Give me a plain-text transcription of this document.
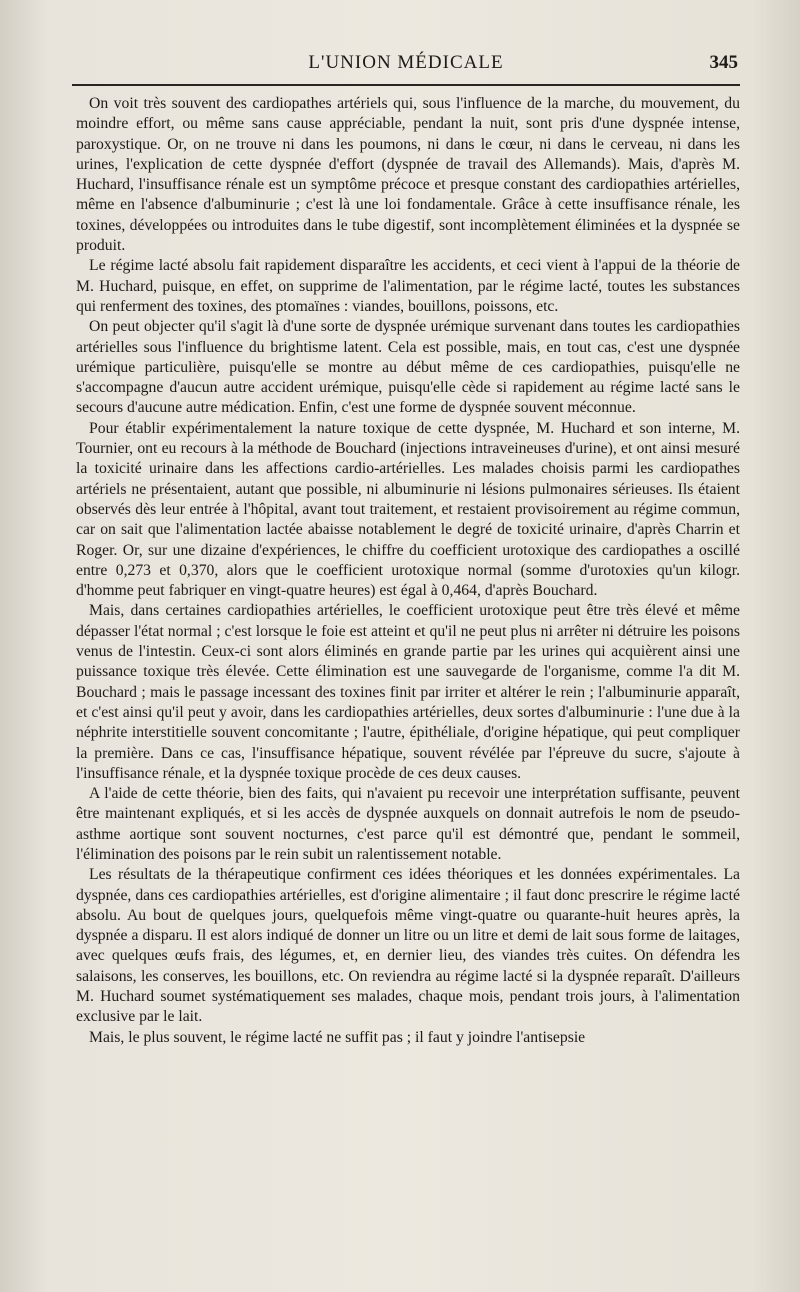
L'UNION MÉDICALE	345

On voit très souvent des cardiopathes artériels qui, sous l'influence de la marche, du mouvement, du moindre effort, ou même sans cause appréciable, pendant la nuit, sont pris d'une dyspnée intense, paroxystique. Or, on ne trouve ni dans les poumons, ni dans le cœur, ni dans le cerveau, ni dans les urines, l'explication de cette dyspnée d'effort (dyspnée de travail des Allemands). Mais, d'après M. Huchard, l'insuffisance rénale est un symptôme précoce et presque constant des cardiopathies artérielles, même en l'absence d'albuminurie ; c'est là une loi fondamentale. Grâce à cette insuffisance rénale, les toxines, développées ou introduites dans le tube digestif, sont incomplètement éliminées et la dyspnée se produit.

Le régime lacté absolu fait rapidement disparaître les accidents, et ceci vient à l'appui de la théorie de M. Huchard, puisque, en effet, on supprime de l'alimentation, par le régime lacté, toutes les substances qui renferment des toxines, des ptomaïnes : viandes, bouillons, poissons, etc.

On peut objecter qu'il s'agit là d'une sorte de dyspnée urémique survenant dans toutes les cardiopathies artérielles sous l'influence du brightisme latent. Cela est possible, mais, en tout cas, c'est une dyspnée urémique particulière, puisqu'elle se montre au début même de ces cardiopathies, puisqu'elle ne s'accompagne d'aucun autre accident urémique, puisqu'elle cède si rapidement au régime lacté sans le secours d'aucune autre médication. Enfin, c'est une forme de dyspnée souvent méconnue.

Pour établir expérimentalement la nature toxique de cette dyspnée, M. Huchard et son interne, M. Tournier, ont eu recours à la méthode de Bouchard (injections intraveineuses d'urine), et ont ainsi mesuré la toxicité urinaire dans les affections cardio-artérielles. Les malades choisis parmi les cardiopathes artériels ne présentaient, autant que possible, ni albuminurie ni lésions pulmonaires sérieuses. Ils étaient observés dès leur entrée à l'hôpital, avant tout traitement, et restaient provisoirement au régime commun, car on sait que l'alimentation lactée abaisse notablement le degré de toxicité urinaire, d'après Charrin et Roger. Or, sur une dizaine d'expériences, le chiffre du coefficient urotoxique des cardiopathes a oscillé entre 0,273 et 0,370, alors que le coefficient urotoxique normal (somme d'urotoxies qu'un kilogr. d'homme peut fabriquer en vingt-quatre heures) est égal à 0,464, d'après Bouchard.

Mais, dans certaines cardiopathies artérielles, le coefficient urotoxique peut être très élevé et même dépasser l'état normal ; c'est lorsque le foie est atteint et qu'il ne peut plus ni arrêter ni détruire les poisons venus de l'intestin. Ceux-ci sont alors éliminés en grande partie par les urines qui acquièrent ainsi une puissance toxique très élevée. Cette élimination est une sauvegarde de l'organisme, comme l'a dit M. Bouchard ; mais le passage incessant des toxines finit par irriter et altérer le rein ; l'albuminurie apparaît, et c'est ainsi qu'il peut y avoir, dans les cardiopathies artérielles, deux sortes d'albuminurie : l'une due à la néphrite interstitielle souvent concomitante ; l'autre, épithéliale, d'origine hépatique, qui peut compliquer la première. Dans ce cas, l'insuffisance hépatique, souvent révélée par l'épreuve du sucre, s'ajoute à l'insuffisance rénale, et la dyspnée toxique procède de ces deux causes.

A l'aide de cette théorie, bien des faits, qui n'avaient pu recevoir une interprétation suffisante, peuvent être maintenant expliqués, et si les accès de dyspnée auxquels on donnait autrefois le nom de pseudo-asthme aortique sont souvent nocturnes, c'est parce qu'il est démontré que, pendant le sommeil, l'élimination des poisons par le rein subit un ralentissement notable.

Les résultats de la thérapeutique confirment ces idées théoriques et les données expérimentales. La dyspnée, dans ces cardiopathies artérielles, est d'origine alimentaire ; il faut donc prescrire le régime lacté absolu. Au bout de quelques jours, quelquefois même vingt-quatre ou quarante-huit heures après, la dyspnée a disparu. Il est alors indiqué de donner un litre ou un litre et demi de lait sous forme de laitages, avec quelques œufs frais, des légumes, et, en dernier lieu, des viandes très cuites. On défendra les salaisons, les conserves, les bouillons, etc. On reviendra au régime lacté si la dyspnée reparaît. D'ailleurs M. Huchard soumet systématiquement ses malades, chaque mois, pendant trois jours, à l'alimentation exclusive par le lait.

Mais, le plus souvent, le régime lacté ne suffit pas ; il faut y joindre l'antisepsie
